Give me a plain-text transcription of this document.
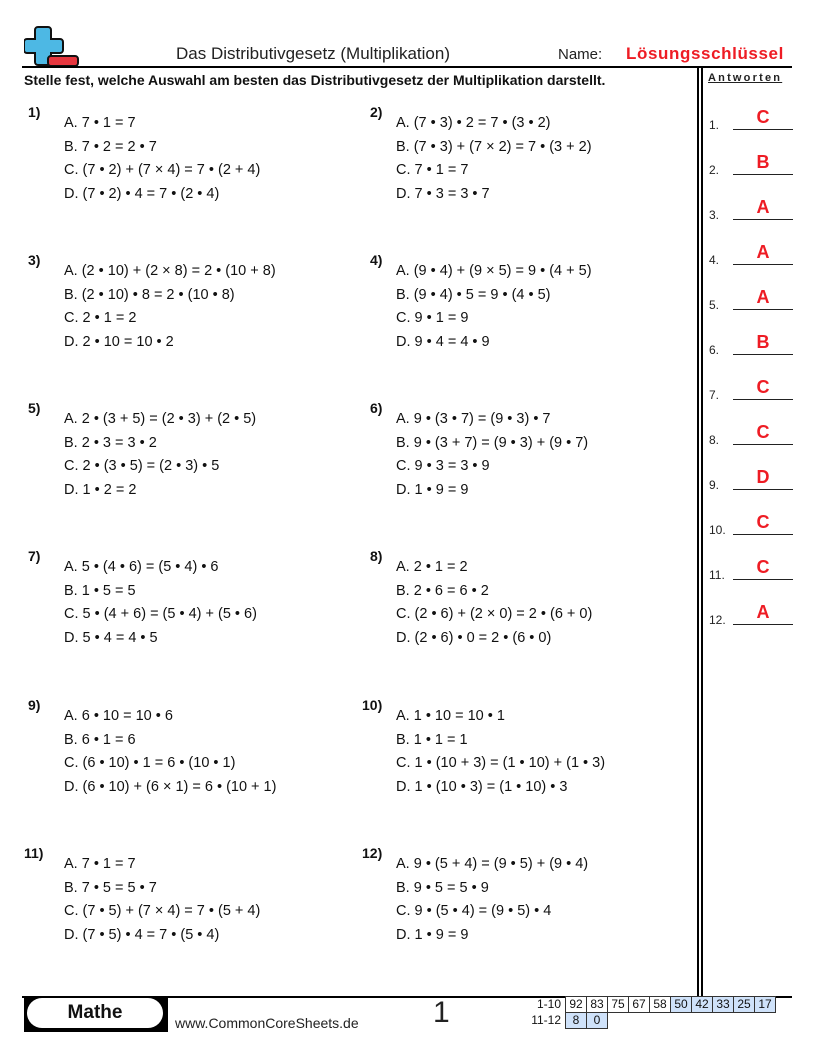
Das Distributivgesetz (Multiplikation)	Name: Lösungsschlüssel
Stelle fest, welche Auswahl am besten das Distributivgesetz der Multiplikation darstellt.
1)
A. 7 • 1 = 7
B. 7 • 2 = 2 • 7
C. (7 • 2) + (7 × 4) = 7 • (2 + 4)
D. (7 • 2) • 4 = 7 • (2 • 4)
2)
A. (7 • 3) • 2 = 7 • (3 • 2)
B. (7 • 3) + (7 × 2) = 7 • (3 + 2)
C. 7 • 1 = 7
D. 7 • 3 = 3 • 7
3)
A. (2 • 10) + (2 × 8) = 2 • (10 + 8)
B. (2 • 10) • 8 = 2 • (10 • 8)
C. 2 • 1 = 2
D. 2 • 10 = 10 • 2
4)
A. (9 • 4) + (9 × 5) = 9 • (4 + 5)
B. (9 • 4) • 5 = 9 • (4 • 5)
C. 9 • 1 = 9
D. 9 • 4 = 4 • 9
5)
A. 2 • (3 + 5) = (2 • 3) + (2 • 5)
B. 2 • 3 = 3 • 2
C. 2 • (3 • 5) = (2 • 3) • 5
D. 1 • 2 = 2
6)
A. 9 • (3 • 7) = (9 • 3) • 7
B. 9 • (3 + 7) = (9 • 3) + (9 • 7)
C. 9 • 3 = 3 • 9
D. 1 • 9 = 9
7)
A. 5 • (4 • 6) = (5 • 4) • 6
B. 1 • 5 = 5
C. 5 • (4 + 6) = (5 • 4) + (5 • 6)
D. 5 • 4 = 4 • 5
8)
A. 2 • 1 = 2
B. 2 • 6 = 6 • 2
C. (2 • 6) + (2 × 0) = 2 • (6 + 0)
D. (2 • 6) • 0 = 2 • (6 • 0)
9)
A. 6 • 10 = 10 • 6
B. 6 • 1 = 6
C. (6 • 10) • 1 = 6 • (10 • 1)
D. (6 • 10) + (6 × 1) = 6 • (10 + 1)
10)
A. 1 • 10 = 10 • 1
B. 1 • 1 = 1
C. 1 • (10 + 3) = (1 • 10) + (1 • 3)
D. 1 • (10 • 3) = (1 • 10) • 3
11)
A. 7 • 1 = 7
B. 7 • 5 = 5 • 7
C. (7 • 5) + (7 × 4) = 7 • (5 + 4)
D. (7 • 5) • 4 = 7 • (5 • 4)
12)
A. 9 • (5 + 4) = (9 • 5) + (9 • 4)
B. 9 • 5 = 5 • 9
C. 9 • (5 • 4) = (9 • 5) • 4
D. 1 • 9 = 9
Antworten
1.	C
2.	B
3.	A
4.	A
5.	A
6.	B
7.	C
8.	C
9.	D
10.	C
11.	C
12.	A
Mathe	www.CommonCoreSheets.de 1	1-10 92 83 75 67 58 50 42 33 25 17
11-12 8	0
